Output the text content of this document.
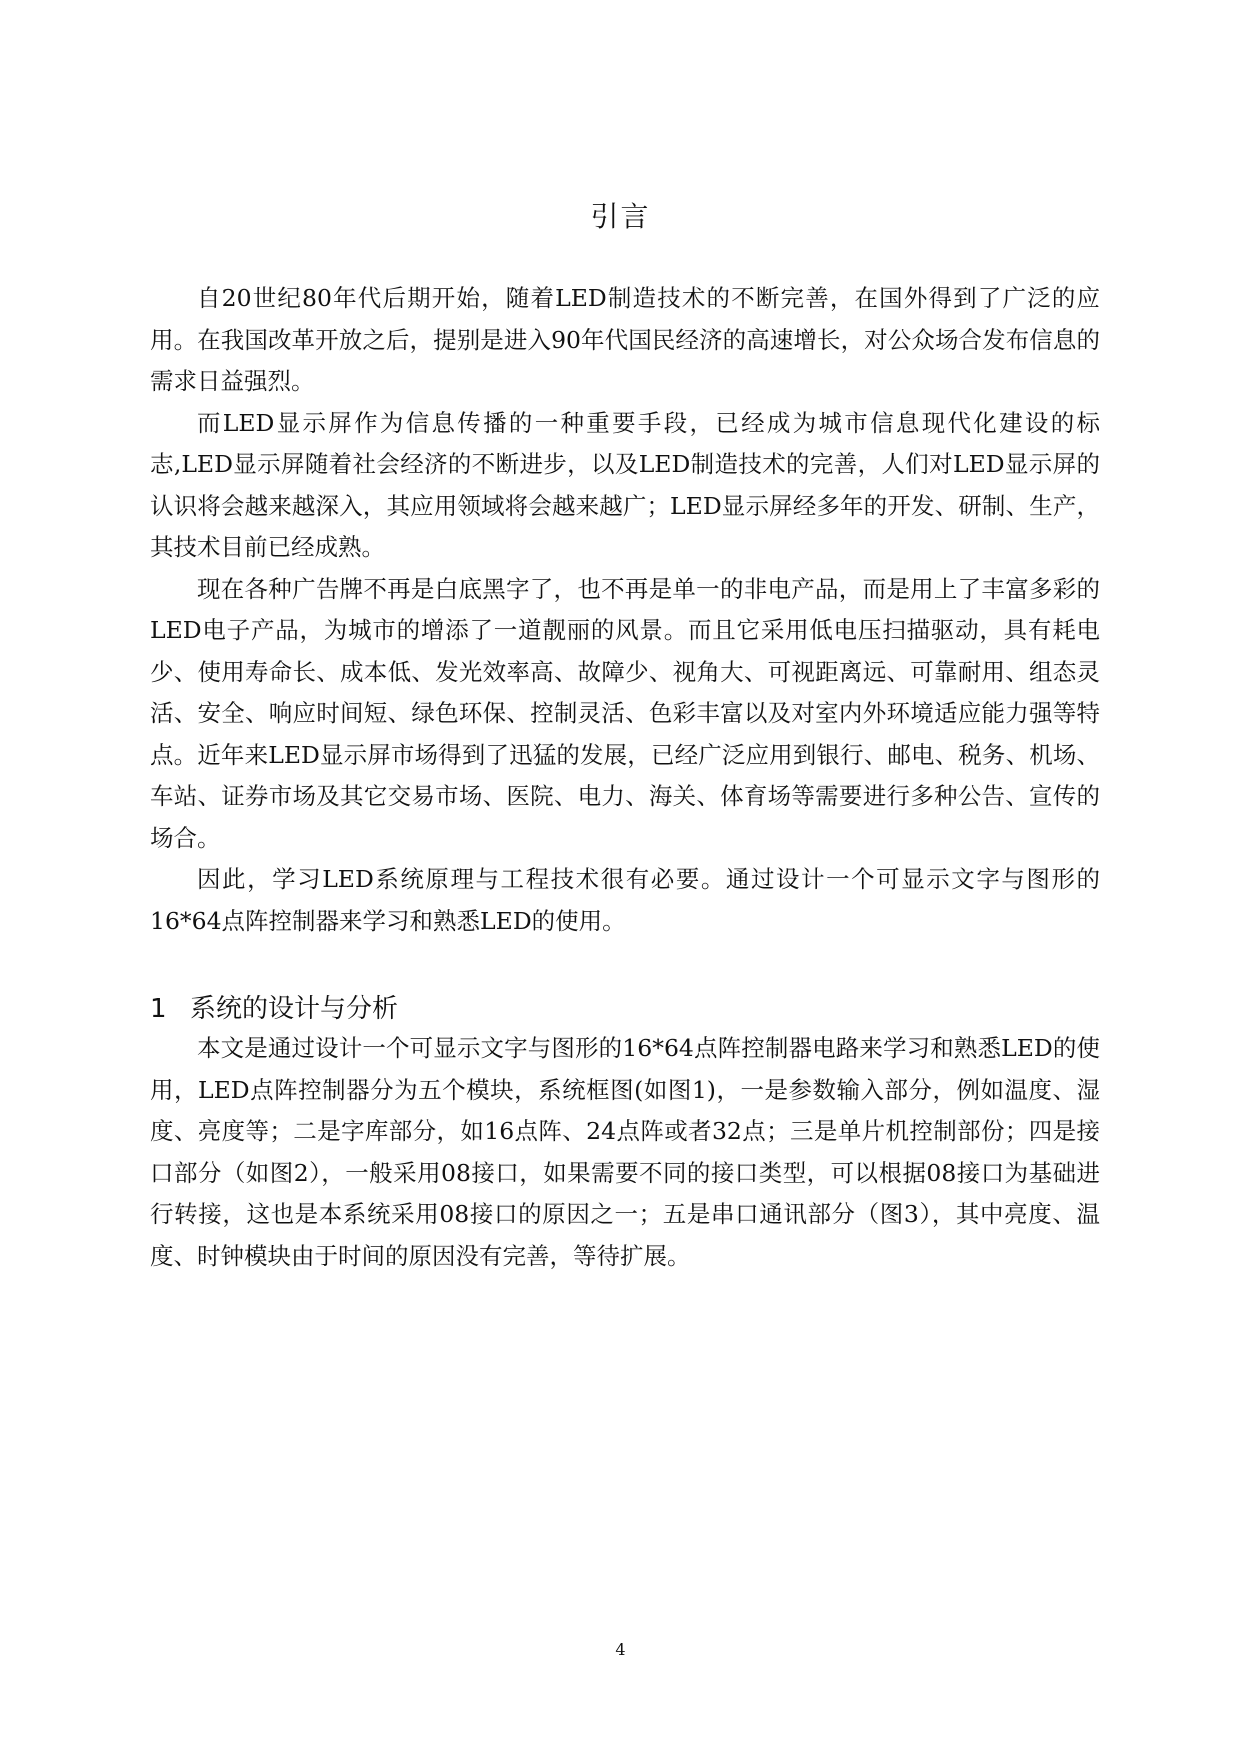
引言

自20世纪80年代后期开始，随着LED制造技术的不断完善，在国外得到了广泛的应用。在我国改革开放之后，提别是进入90年代国民经济的高速增长，对公众场合发布信息的需求日益强烈。

而LED显示屏作为信息传播的一种重要手段，已经成为城市信息现代化建设的标志,LED显示屏随着社会经济的不断进步，以及LED制造技术的完善，人们对LED显示屏的认识将会越来越深入，其应用领域将会越来越广；LED显示屏经多年的开发、研制、生产，其技术目前已经成熟。

现在各种广告牌不再是白底黑字了，也不再是单一的非电产品，而是用上了丰富多彩的LED电子产品，为城市的增添了一道靓丽的风景。而且它采用低电压扫描驱动，具有耗电少、使用寿命长、成本低、发光效率高、故障少、视角大、可视距离远、可靠耐用、组态灵活、安全、响应时间短、绿色环保、控制灵活、色彩丰富以及对室内外环境适应能力强等特点。近年来LED显示屏市场得到了迅猛的发展，已经广泛应用到银行、邮电、税务、机场、车站、证券市场及其它交易市场、医院、电力、海关、体育场等需要进行多种公告、宣传的场合。

因此，学习LED系统原理与工程技术很有必要。通过设计一个可显示文字与图形的16*64点阵控制器来学习和熟悉LED的使用。

1 系统的设计与分析

本文是通过设计一个可显示文字与图形的16*64点阵控制器电路来学习和熟悉LED的使用，LED点阵控制器分为五个模块，系统框图(如图1)，一是参数输入部分，例如温度、湿度、亮度等；二是字库部分，如16点阵、24点阵或者32点；三是单片机控制部份；四是接口部分（如图2），一般采用08接口，如果需要不同的接口类型，可以根据08接口为基础进行转接，这也是本系统采用08接口的原因之一；五是串口通讯部分（图3），其中亮度、温度、时钟模块由于时间的原因没有完善，等待扩展。

4
